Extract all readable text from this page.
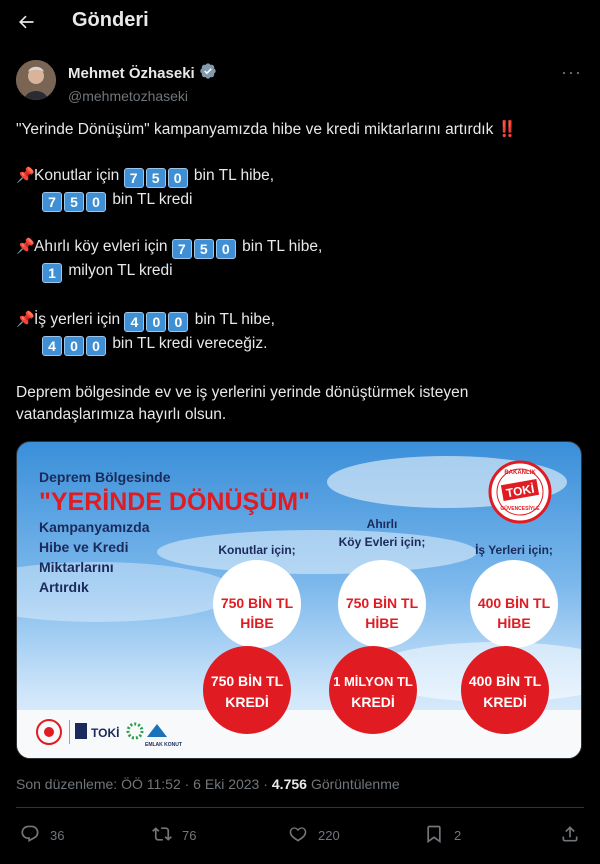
Gönderi
Mehmet Özhaseki
@mehmetozhaseki
···
"Yerinde Dönüşüm" kampanyamızda hibe ve kredi miktarlarını artırdık ‼️
📌Konutlar için 7 5 0 bin TL hibe,
7 5 0 bin TL kredi
📌Ahırlı köy evleri için 7 5 0 bin TL hibe,
1 milyon TL kredi
📌İş yerleri için 4 0 0 bin TL hibe,
4 0 0 bin TL kredi vereceğiz.
Deprem bölgesinde ev ve iş yerlerini yerinde dönüştürmek isteyen
vatandaşlarımıza hayırlı olsun.
Deprem Bölgesinde
"YERİNDE DÖNÜŞÜM"
Kampanyamızda
Hibe ve Kredi
Miktarlarını
Artırdık
BAKANLIK
TOKİ
GÜVENCESİYLE
Konutlar için;
Ahırlı
Köy Evleri için;
İş Yerleri için;
750 BİN TL
HİBE
750 BİN TL
HİBE
400 BİN TL
HİBE
750 BİN TL
KREDİ
1 MİLYON TL
KREDİ
400 BİN TL
KREDİ
TOKİ
EMLAK KONUT
Son düzenleme: ÖÖ 11:52 · 6 Eki 2023 · 4.756 Görüntülenme
36	76	220	2
